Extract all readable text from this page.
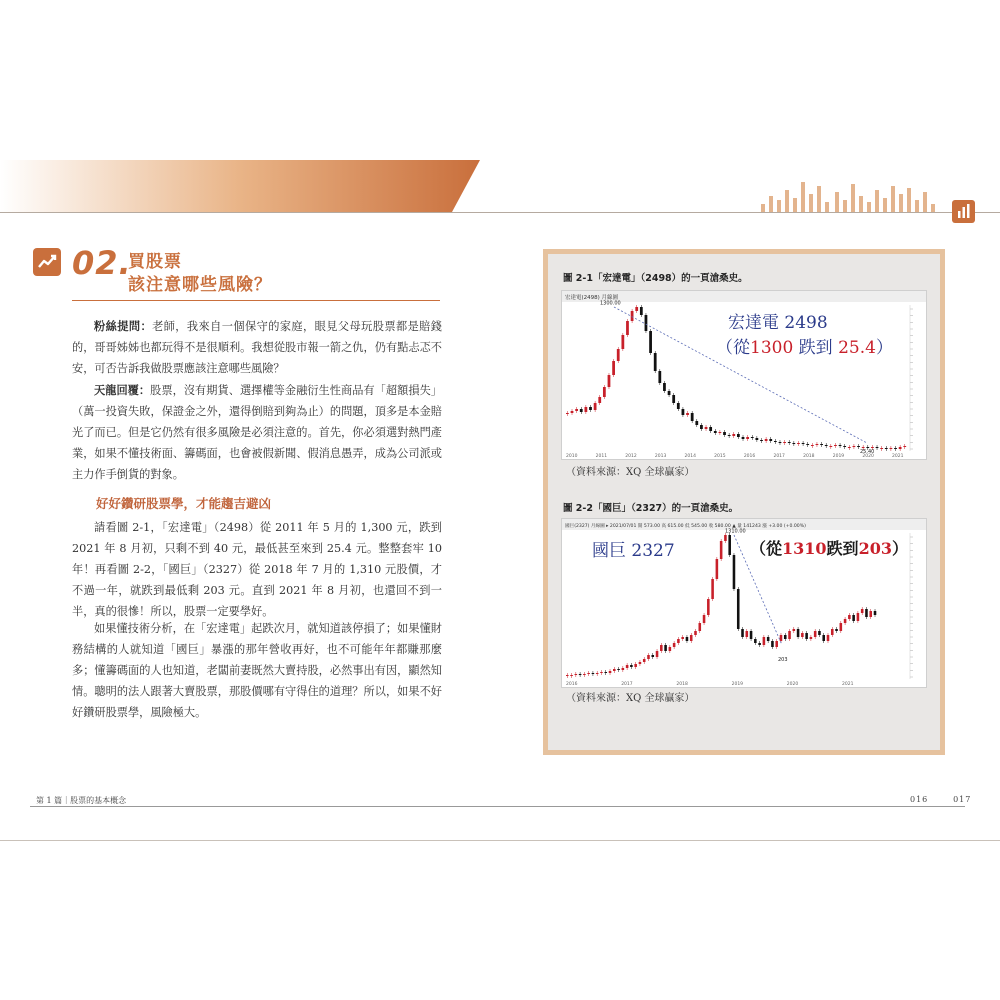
02.
買股票
該注意哪些風險？
粉絲提問：老師，我來自一個保守的家庭，眼見父母玩股票都是賠錢的，哥哥姊姊也都玩得不是很順利。我想從股市報一箭之仇，仍有點忐忑不安，可否告訴我做股票應該注意哪些風險？
天龍回覆：股票，沒有期貨、選擇權等金融衍生性商品有「超額損失」（萬一投資失敗，保證金之外，還得倒賠到夠為止）的問題，頂多是本金賠光了而已。但是它仍然有很多風險是必須注意的。首先，你必須選對熱門產業，如果不懂技術面、籌碼面，也會被假新聞、假消息愚弄，成為公司派或主力作手倒貨的對象。
好好鑽研股票學，才能趨吉避凶
請看圖 2-1，「宏達電」（2498）從 2011 年 5 月的 1,300 元，跌到 2021 年 8 月初，只剩不到 40 元，最低甚至來到 25.4 元。整整套牢 10 年！再看圖 2-2，「國巨」（2327）從 2018 年 7 月的 1,310 元股價，才不過一年，就跌到最低剩 203 元。直到 2021 年 8 月初，也還回不到一半，真的很慘！所以，股票一定要學好。
如果懂技術分析，在「宏達電」起跌次月，就知道該停損了；如果懂財務結構的人就知道「國巨」暴漲的那年營收再好，也不可能年年都賺那麼多；懂籌碼面的人也知道，老闆前妻既然大賣持股，必然事出有因，顯然知情。聰明的法人跟著大賣股票，那股價哪有守得住的道理？所以，如果不好好鑽研股票學，風險極大。
圖 2-1「宏達電」（2498）的一頁滄桑史。
宏達電(2498) 月線圖
1300.00
25.40
2010	2011	2012	2013	2014	2015	2016	2017	2018	2019	2020	2021
宏達電 2498
（從1300 跌到 25.4）
（資料來源：XQ 全球贏家）
圖 2-2「國巨」（2327）的一頁滄桑史。
國巨(2327) 月線圖 ▸ 2021/07/01 開 573.00 高 615.00 低 545.00 收 580.00 ▲ 量 141243 漲 +3.00 (+0.00%)
1310.00
203
2016	2017	2018	2019	2020	2021
國巨 2327	（從1310跌到203）
（資料來源：XQ 全球贏家）
第 1 篇｜股票的基本概念	016	017
